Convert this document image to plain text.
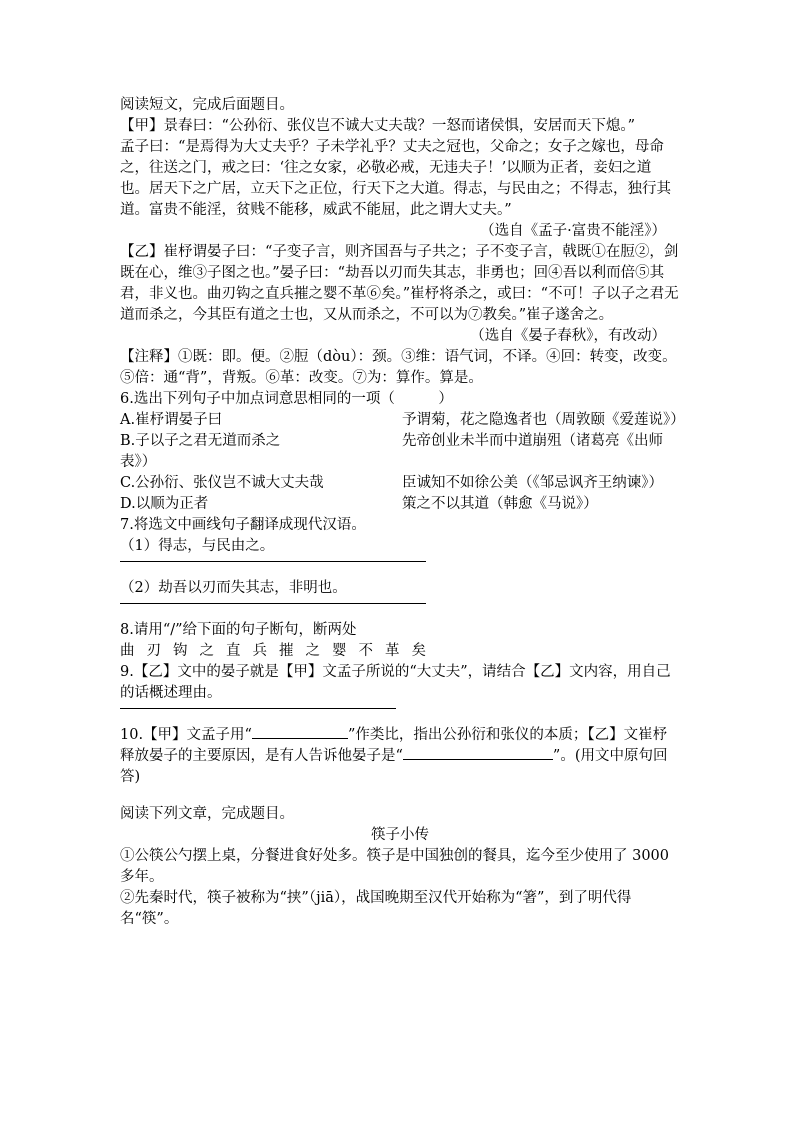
阅读短文，完成后面题目。

【甲】景春曰：“公孙衍、张仪岂不诚大丈夫哉？一怒而诸侯惧，安居而天下熄。”

孟子曰：“是焉得为大丈夫乎？子未学礼乎？丈夫之冠也，父命之；女子之嫁也，母命之，往送之门，戒之曰：‘往之女家，必敬必戒，无违夫子！’以顺为正者，妾妇之道也。居天下之广居，立天下之正位，行天下之大道。得志，与民由之；不得志，独行其道。富贵不能淫，贫贱不能移，威武不能屈，此之谓大丈夫。”

（选自《孟子·富贵不能淫》）

【乙】崔杼谓晏子曰：“子变子言，则齐国吾与子共之；子不变子言，戟既①在脰②，剑既在心，维③子图之也。”晏子曰：“劫吾以刃而失其志，非勇也；回④吾以利而倍⑤其君，非义也。曲刃钩之直兵摧之婴不革⑥矣。”崔杼将杀之，或曰：“不可！子以子之君无道而杀之，今其臣有道之士也，又从而杀之，不可以为⑦教矣。”崔子遂舍之。

（选自《晏子春秋》，有改动）

【注释】①既：即。便。②脰（dòu）：颈。③维：语气词，不译。④回：转变，改变。⑤倍：通“背”，背叛。⑥革：改变。⑦为：算作。算是。

6.选出下列句子中加点词意思相同的一项（　　　）

A.崔杼谓晏子曰	予谓菊，花之隐逸者也（周敦颐《爱莲说》）
B.子以子之君无道而杀之	先帝创业未半而中道崩殂（诸葛亮《出师

表》）

C.公孙衍、张仪岂不诚大丈夫哉	臣诚知不如徐公美（《邹忌讽齐王纳谏》）
D.以顺为正者	策之不以其道（韩愈《马说》）

7.将选文中画线句子翻译成现代汉语。

（1）得志，与民由之。

（2）劫吾以刃而失其志，非明也。

8.请用“/”给下面的句子断句，断两处

曲刃钩之直兵摧之婴不革矣

9.【乙】文中的晏子就是【甲】文孟子所说的“大丈夫”，请结合【乙】文内容，用自己的话概述理由。

10.【甲】文孟子用“	”作类比，指出公孙衍和张仪的本质；【乙】文崔杼释放晏子的主要原因，是有人告诉他晏子是“	”。(用文中原句回答)

阅读下列文章，完成题目。

筷子小传

①公筷公勺摆上桌，分餐进食好处多。筷子是中国独创的餐具，迄今至少使用了 3000 多年。

②先秦时代，筷子被称为“挟”（jiā），战国晚期至汉代开始称为“箸”，到了明代得名“筷”。
